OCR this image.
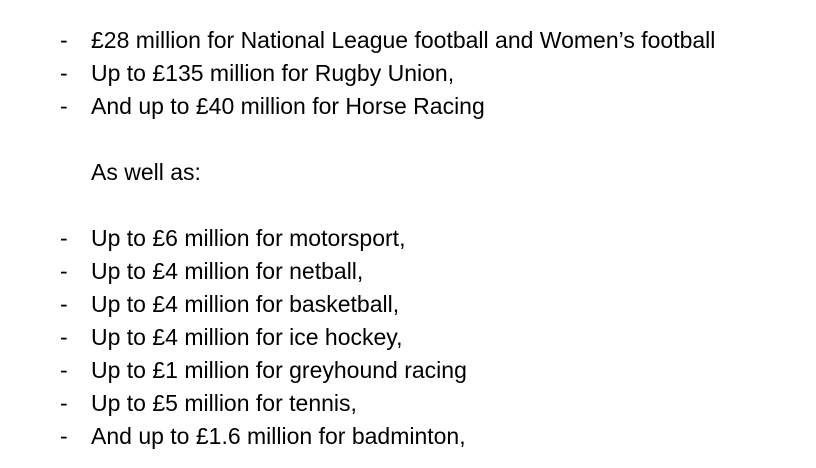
- £28 million for National League football and Women’s football
- Up to £135 million for Rugby Union,
- And up to £40 million for Horse Racing
As well as:
- Up to £6 million for motorsport,
- Up to £4 million for netball,
- Up to £4 million for basketball,
- Up to £4 million for ice hockey,
- Up to £1 million for greyhound racing
- Up to £5 million for tennis,
- And up to £1.6 million for badminton,
